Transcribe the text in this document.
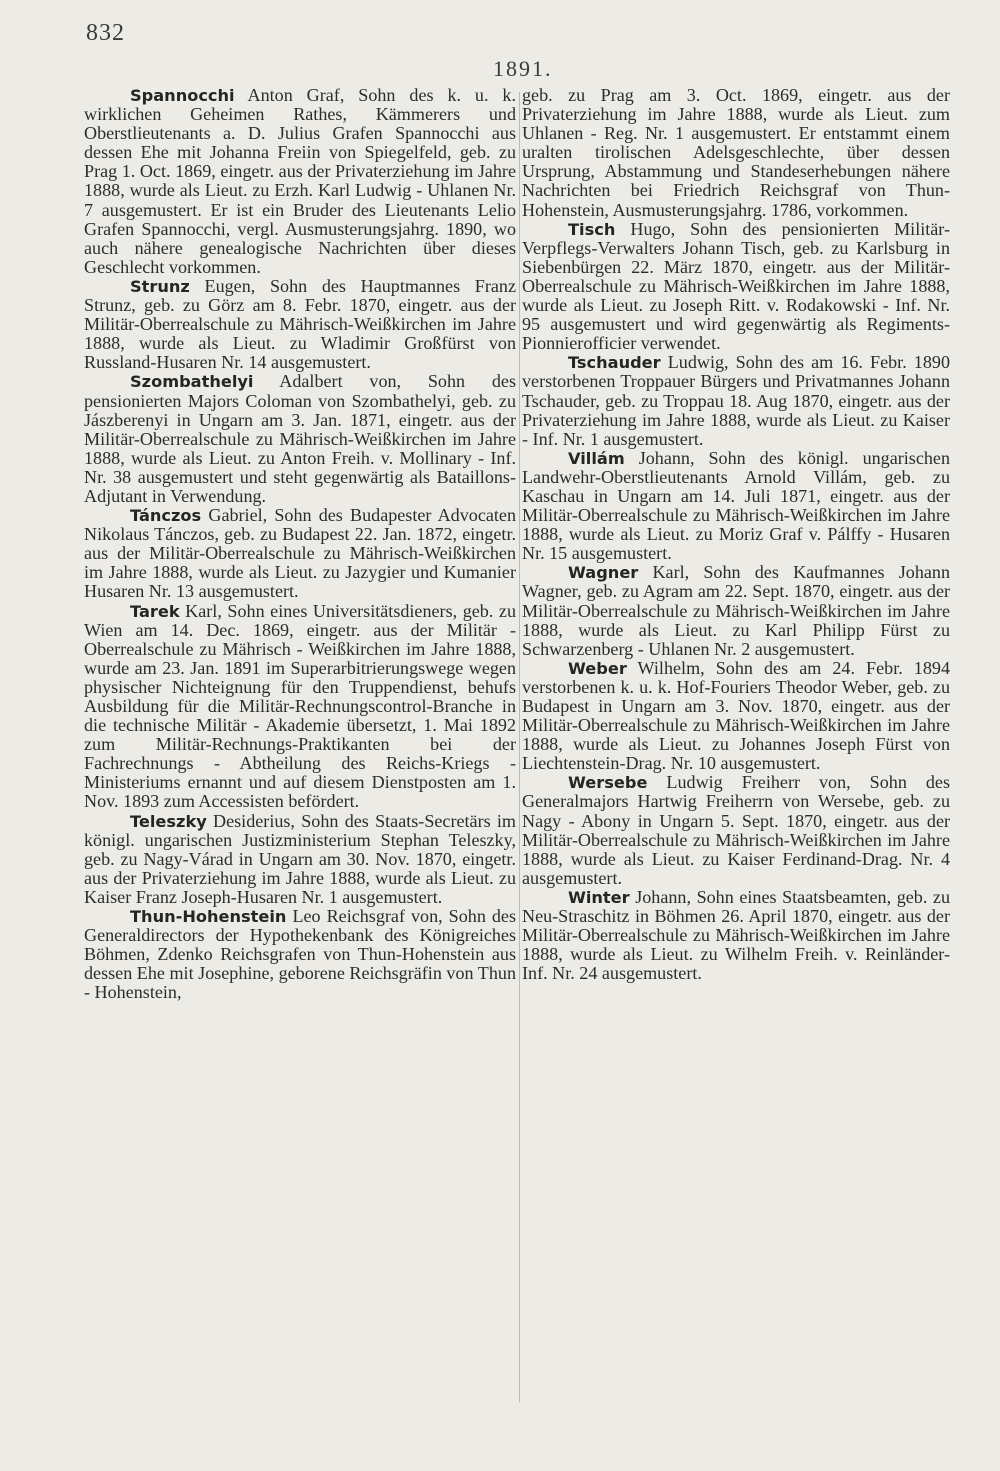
832
1891.

Spannocchi Anton Graf, Sohn des k. u. k. wirklichen Geheimen Rathes, Kämmerers und Oberstlieutenants a. D. Julius Grafen Spannocchi aus dessen Ehe mit Johanna Freiin von Spiegelfeld, geb. zu Prag 1. Oct. 1869, eingetr. aus der Privaterziehung im Jahre 1888, wurde als Lieut. zu Erzh. Karl Ludwig - Uhlanen Nr. 7 ausgemustert. Er ist ein Bruder des Lieutenants Lelio Grafen Spannocchi, vergl. Ausmusterungsjahrg. 1890, wo auch nähere genealogische Nachrichten über dieses Geschlecht vorkommen.

Strunz Eugen, Sohn des Hauptmannes Franz Strunz, geb. zu Görz am 8. Febr. 1870, eingetr. aus der Militär-Oberrealschule zu Mährisch-Weißkirchen im Jahre 1888, wurde als Lieut. zu Wladimir Großfürst von Russland-Husaren Nr. 14 ausgemustert.

Szombathelyi Adalbert von, Sohn des pensionierten Majors Coloman von Szombathelyi, geb. zu Jászberenyi in Ungarn am 3. Jan. 1871, eingetr. aus der Militär-Oberrealschule zu Mährisch-Weißkirchen im Jahre 1888, wurde als Lieut. zu Anton Freih. v. Mollinary - Inf. Nr. 38 ausgemustert und steht gegenwärtig als Bataillons-Adjutant in Verwendung.

Tánczos Gabriel, Sohn des Budapester Advocaten Nikolaus Tánczos, geb. zu Budapest 22. Jan. 1872, eingetr. aus der Militär-Oberrealschule zu Mährisch-Weißkirchen im Jahre 1888, wurde als Lieut. zu Jazygier und Kumanier Husaren Nr. 13 ausgemustert.

Tarek Karl, Sohn eines Universitätsdieners, geb. zu Wien am 14. Dec. 1869, eingetr. aus der Militär - Oberrealschule zu Mährisch - Weißkirchen im Jahre 1888, wurde am 23. Jan. 1891 im Superarbitrierungswege wegen physischer Nichteignung für den Truppendienst, behufs Ausbildung für die Militär-Rechnungscontrol-Branche in die technische Militär - Akademie übersetzt, 1. Mai 1892 zum Militär-Rechnungs-Praktikanten bei der Fachrechnungs - Abtheilung des Reichs-Kriegs - Ministeriums ernannt und auf diesem Dienstposten am 1. Nov. 1893 zum Accessisten befördert.

Teleszky Desiderius, Sohn des Staats-Secretärs im königl. ungarischen Justizministerium Stephan Teleszky, geb. zu Nagy-Várad in Ungarn am 30. Nov. 1870, eingetr. aus der Privaterziehung im Jahre 1888, wurde als Lieut. zu Kaiser Franz Joseph-Husaren Nr. 1 ausgemustert.

Thun-Hohenstein Leo Reichsgraf von, Sohn des Generaldirectors der Hypothekenbank des Königreiches Böhmen, Zdenko Reichsgrafen von Thun-Hohenstein aus dessen Ehe mit Josephine, geborene Reichsgräfin von Thun - Hohenstein,

geb. zu Prag am 3. Oct. 1869, eingetr. aus der Privaterziehung im Jahre 1888, wurde als Lieut. zum Uhlanen - Reg. Nr. 1 ausgemustert. Er entstammt einem uralten tirolischen Adelsgeschlechte, über dessen Ursprung, Abstammung und Standeserhebungen nähere Nachrichten bei Friedrich Reichsgraf von Thun-Hohenstein, Ausmusterungsjahrg. 1786, vorkommen.

Tisch Hugo, Sohn des pensionierten Militär-Verpflegs-Verwalters Johann Tisch, geb. zu Karlsburg in Siebenbürgen 22. März 1870, eingetr. aus der Militär-Oberrealschule zu Mährisch-Weißkirchen im Jahre 1888, wurde als Lieut. zu Joseph Ritt. v. Rodakowski - Inf. Nr. 95 ausgemustert und wird gegenwärtig als Regiments-Pionnierofficier verwendet.

Tschauder Ludwig, Sohn des am 16. Febr. 1890 verstorbenen Troppauer Bürgers und Privatmannes Johann Tschauder, geb. zu Troppau 18. Aug 1870, eingetr. aus der Privaterziehung im Jahre 1888, wurde als Lieut. zu Kaiser - Inf. Nr. 1 ausgemustert.

Villám Johann, Sohn des königl. ungarischen Landwehr-Oberstlieutenants Arnold Villám, geb. zu Kaschau in Ungarn am 14. Juli 1871, eingetr. aus der Militär-Oberrealschule zu Mährisch-Weißkirchen im Jahre 1888, wurde als Lieut. zu Moriz Graf v. Pálffy - Husaren Nr. 15 ausgemustert.

Wagner Karl, Sohn des Kaufmannes Johann Wagner, geb. zu Agram am 22. Sept. 1870, eingetr. aus der Militär-Oberrealschule zu Mährisch-Weißkirchen im Jahre 1888, wurde als Lieut. zu Karl Philipp Fürst zu Schwarzenberg - Uhlanen Nr. 2 ausgemustert.

Weber Wilhelm, Sohn des am 24. Febr. 1894 verstorbenen k. u. k. Hof-Fouriers Theodor Weber, geb. zu Budapest in Ungarn am 3. Nov. 1870, eingetr. aus der Militär-Oberrealschule zu Mährisch-Weißkirchen im Jahre 1888, wurde als Lieut. zu Johannes Joseph Fürst von Liechtenstein-Drag. Nr. 10 ausgemustert.

Wersebe Ludwig Freiherr von, Sohn des Generalmajors Hartwig Freiherrn von Wersebe, geb. zu Nagy - Abony in Ungarn 5. Sept. 1870, eingetr. aus der Militär-Oberrealschule zu Mährisch-Weißkirchen im Jahre 1888, wurde als Lieut. zu Kaiser Ferdinand-Drag. Nr. 4 ausgemustert.

Winter Johann, Sohn eines Staatsbeamten, geb. zu Neu-Straschitz in Böhmen 26. April 1870, eingetr. aus der Militär-Oberrealschule zu Mährisch-Weißkirchen im Jahre 1888, wurde als Lieut. zu Wilhelm Freih. v. Reinländer-Inf. Nr. 24 ausgemustert.
